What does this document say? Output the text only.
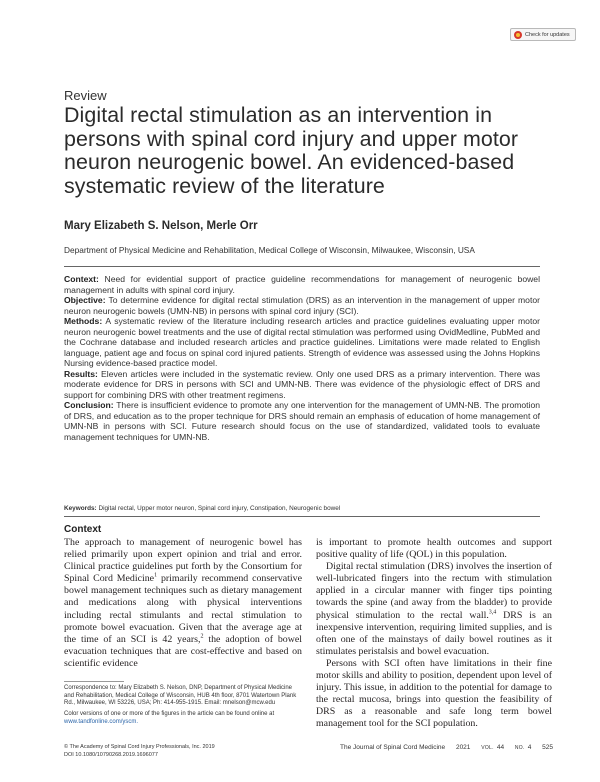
Check for updates
Review
Digital rectal stimulation as an intervention in persons with spinal cord injury and upper motor neuron neurogenic bowel. An evidenced-based systematic review of the literature
Mary Elizabeth S. Nelson, Merle Orr
Department of Physical Medicine and Rehabilitation, Medical College of Wisconsin, Milwaukee, Wisconsin, USA

Context: Need for evidential support of practice guideline recommendations for management of neurogenic bowel management in adults with spinal cord injury.

Objective: To determine evidence for digital rectal stimulation (DRS) as an intervention in the management of upper motor neuron neurogenic bowels (UMN-NB) in persons with spinal cord injury (SCI).

Methods: A systematic review of the literature including research articles and practice guidelines evaluating upper motor neuron neurogenic bowel treatments and the use of digital rectal stimulation was performed using OvidMedline, PubMed and the Cochrane database and included research articles and practice guidelines. Limitations were made related to English language, patient age and focus on spinal cord injured patients. Strength of evidence was assessed using the Johns Hopkins Nursing evidence-based practice model.

Results: Eleven articles were included in the systematic review. Only one used DRS as a primary intervention. There was moderate evidence for DRS in persons with SCI and UMN-NB. There was evidence of the physiologic effect of DRS and support for combining DRS with other treatment regimens.

Conclusion: There is insufficient evidence to promote any one intervention for the management of UMN-NB. The promotion of DRS, and education as to the proper technique for DRS should remain an emphasis of education of home management of UMN-NB in persons with SCI. Future research should focus on the use of standardized, validated tools to evaluate management techniques for UMN-NB.

Keywords: Digital rectal, Upper motor neuron, Spinal cord injury, Constipation, Neurogenic bowel
Context

The approach to management of neurogenic bowel has relied primarily upon expert opinion and trial and error. Clinical practice guidelines put forth by the Consortium for Spinal Cord Medicine$^1$ primarily recommend conservative bowel management techniques such as dietary management and medications along with physical interventions including rectal stimulants and rectal stimulation to promote bowel evacuation. Given that the average age at the time of an SCI is 42 years,$^2$ the adoption of bowel evacuation techniques that are cost-effective and based on scientific evidence

Correspondence to: Mary Elizabeth S. Nelson, DNP, Department of Physical Medicine and Rehabilitation, Medical College of Wisconsin, HUB 4th floor, 8701 Watertown Plank Rd., Milwaukee, WI 53226, USA; Ph: 414-955-1915. Email: mnelson@mcw.edu

Color versions of one or more of the figures in the article can be found online at www.tandfonline.com/yscm.

is important to promote health outcomes and support positive quality of life (QOL) in this population.

Digital rectal stimulation (DRS) involves the insertion of well-lubricated fingers into the rectum with stimulation applied in a circular manner with finger tips pointing towards the spine (and away from the bladder) to provide physical stimulation to the rectal wall.$^{3,4}$ DRS is an inexpensive intervention, requiring limited supplies, and is often one of the mainstays of daily bowel routines as it stimulates peristalsis and bowel evacuation.

Persons with SCI often have limitations in their fine motor skills and ability to position, dependent upon level of injury. This issue, in addition to the potential for damage to the rectal mucosa, brings into question the feasibility of DRS as a reasonable and safe long term bowel management tool for the SCI population.

© The Academy of Spinal Cord Injury Professionals, Inc. 2019
DOI 10.1080/10790268.2019.1696077
The Journal of Spinal Cord Medicine 2021 VOL. 44 NO. 4 525
